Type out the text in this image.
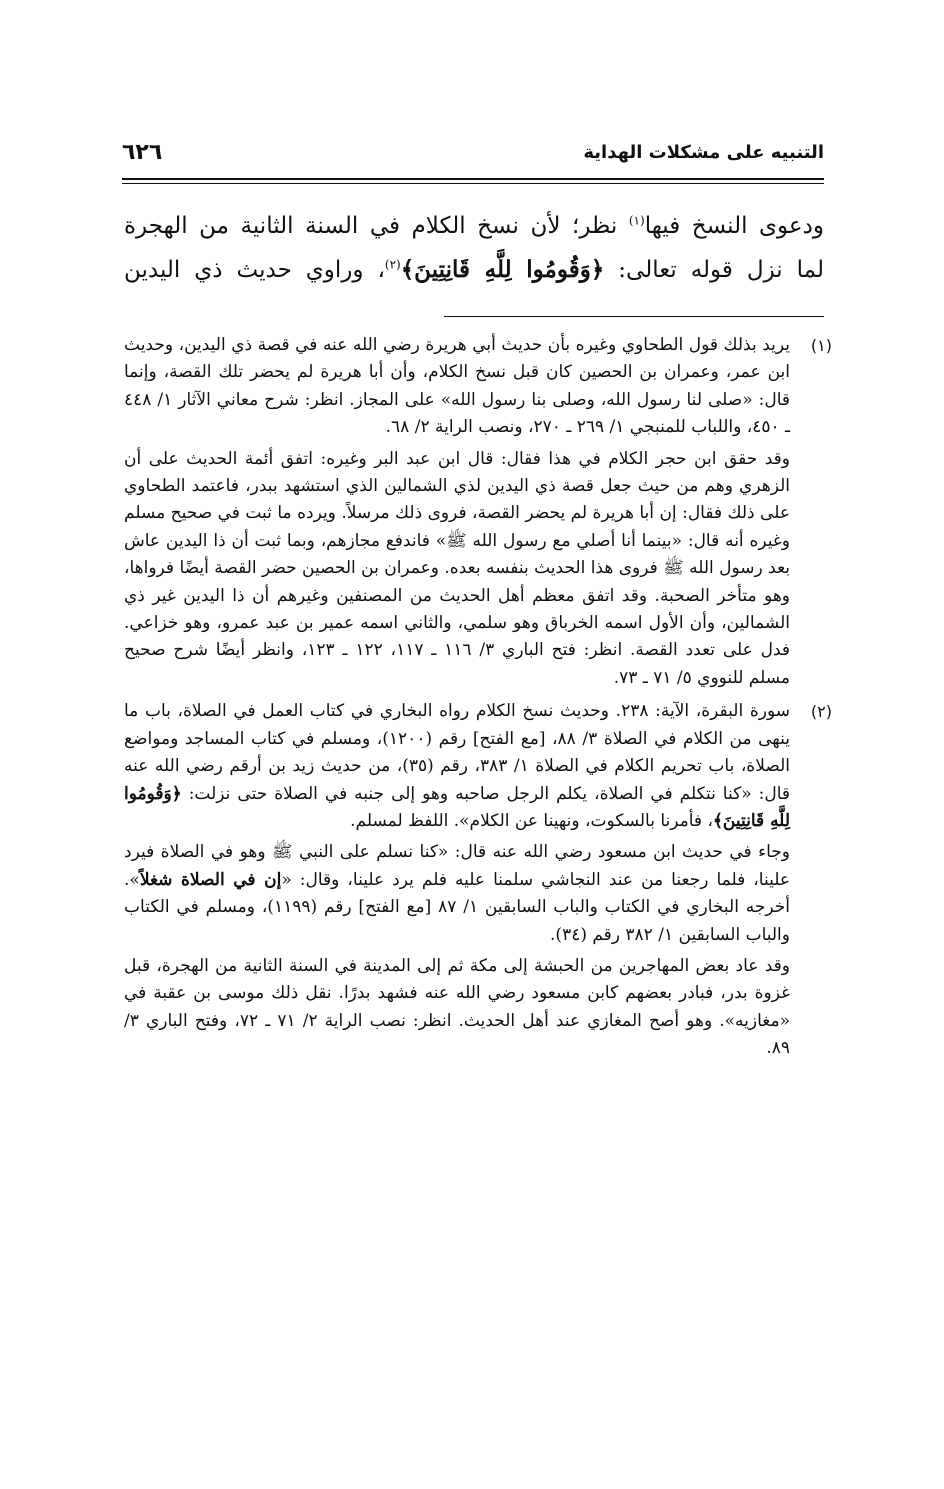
التنبيه على مشكلات الهداية
٦٢٦

ودعوى النسخ فيها$^{(١)}$ نظر؛ لأن نسخ الكلام في السنة الثانية من الهجرة

لما نزل قوله تعالى: ﴿وَقُومُوا لِلَّهِ قَانِتِينَ﴾$^{(٢)}$، وراوي حديث ذي اليدين

(١)

يريد بذلك قول الطحاوي وغيره بأن حديث أبي هريرة رضي الله عنه في قصة ذي اليدين، وحديث ابن عمر، وعمران بن الحصين كان قبل نسخ الكلام، وأن أبا هريرة لم يحضر تلك القصة، وإنما قال: «صلى لنا رسول الله، وصلى بنا رسول الله» على المجاز. انظر: شرح معاني الآثار ١/ ٤٤٨ ـ ٤٥٠، واللباب للمنبجي ١/ ٢٦٩ ـ ٢٧٠، ونصب الراية ٢/ ٦٨.

وقد حقق ابن حجر الكلام في هذا فقال: قال ابن عبد البر وغيره: اتفق أئمة الحديث على أن الزهري وهم من حيث جعل قصة ذي اليدين لذي الشمالين الذي استشهد ببدر، فاعتمد الطحاوي على ذلك فقال: إن أبا هريرة لم يحضر القصة، فروى ذلك مرسلاً. ويرده ما ثبت في صحيح مسلم وغيره أنه قال: «بينما أنا أصلي مع رسول الله ﷺ» فاندفع مجازهم، وبما ثبت أن ذا اليدين عاش بعد رسول الله ﷺ فروى هذا الحديث بنفسه بعده. وعمران بن الحصين حضر القصة أيضًا فرواها، وهو متأخر الصحبة. وقد اتفق معظم أهل الحديث من المصنفين وغيرهم أن ذا اليدين غير ذي الشمالين، وأن الأول اسمه الخرباق وهو سلمي، والثاني اسمه عمير بن عبد عمرو، وهو خزاعي. فدل على تعدد القصة. انظر: فتح الباري ٣/ ١١٦ ـ ١١٧، ١٢٢ ـ ١٢٣، وانظر أيضًا شرح صحيح مسلم للنووي ٥/ ٧١ ـ ٧٣.

(٢)

سورة البقرة، الآية: ٢٣٨. وحديث نسخ الكلام رواه البخاري في كتاب العمل في الصلاة، باب ما ينهى من الكلام في الصلاة ٣/ ٨٨، [مع الفتح] رقم (١٢٠٠)، ومسلم في كتاب المساجد ومواضع الصلاة، باب تحريم الكلام في الصلاة ١/ ٣٨٣، رقم (٣٥)، من حديث زيد بن أرقم رضي الله عنه قال: «كنا نتكلم في الصلاة، يكلم الرجل صاحبه وهو إلى جنبه في الصلاة حتى نزلت: ﴿وَقُومُوا لِلَّهِ قَانِتِينَ﴾، فأمرنا بالسكوت، ونهينا عن الكلام». اللفظ لمسلم.

وجاء في حديث ابن مسعود رضي الله عنه قال: «كنا نسلم على النبي ﷺ وهو في الصلاة فيرد علينا، فلما رجعنا من عند النجاشي سلمنا عليه فلم يرد علينا، وقال: «إن في الصلاة شغلاً». أخرجه البخاري في الكتاب والباب السابقين ١/ ٨٧ [مع الفتح] رقم (١١٩٩)، ومسلم في الكتاب والباب السابقين ١/ ٣٨٢ رقم (٣٤).

وقد عاد بعض المهاجرين من الحبشة إلى مكة ثم إلى المدينة في السنة الثانية من الهجرة، قبل غزوة بدر، فبادر بعضهم كابن مسعود رضي الله عنه فشهد بدرًا. نقل ذلك موسى بن عقبة في «مغازيه». وهو أصح المغازي عند أهل الحديث. انظر: نصب الراية ٢/ ٧١ ـ ٧٢، وفتح الباري ٣/ ٨٩.
